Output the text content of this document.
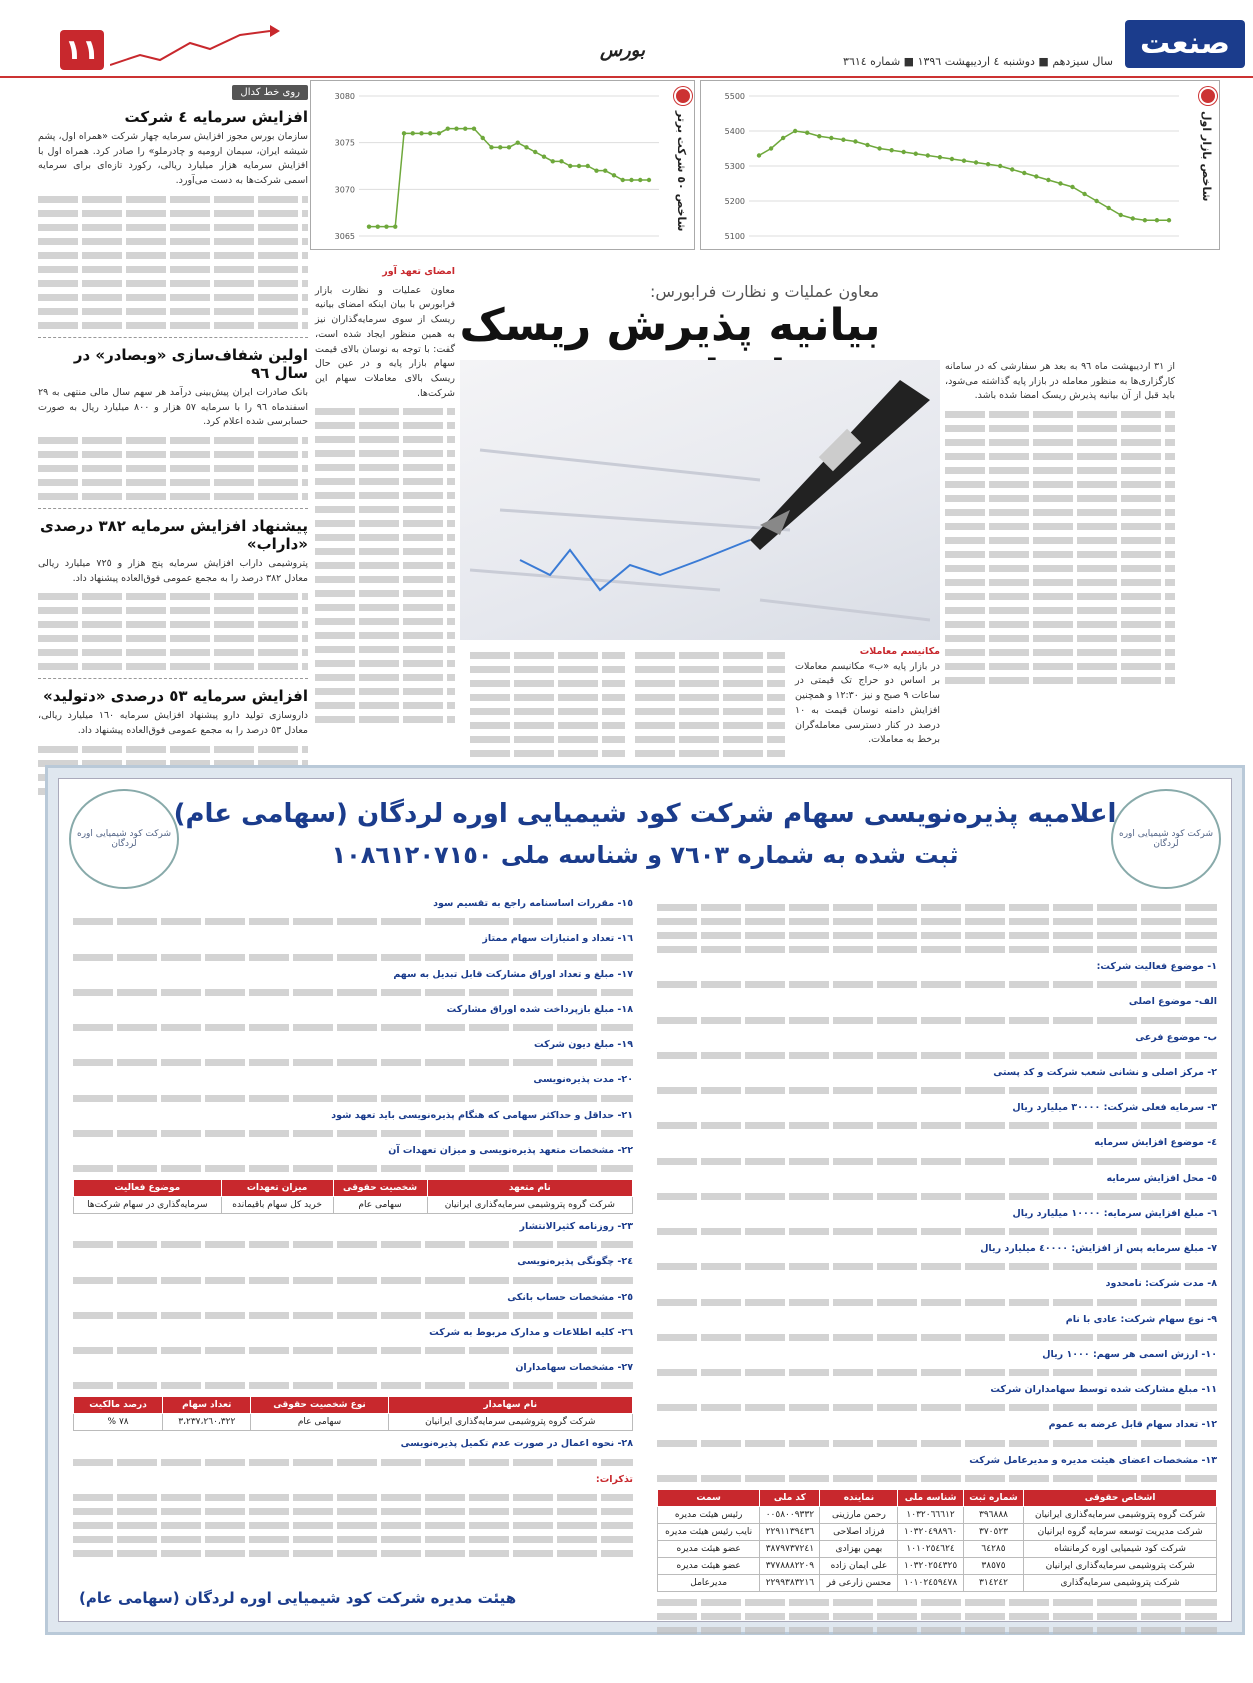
صنعت
سال سیزدهم ■ دوشنبه ٤ اردیبهشت ١٣٩٦ ■ شماره ٣٦١٤
بورس
١١
شاخص بازار اول
5500
5400
5300
5200
5100
شاخص ٥٠ شرکت برتر
3080
3075
3070
3065
روی خط کدال
افزایش سرمایه ٤ شرکت
سازمان بورس مجوز افزایش سرمایه چهار شرکت «همراه اول، پشم شیشه ایران، سیمان ارومیه و چادرملو» را صادر کرد. همراه اول با افزایش سرمایه هزار میلیارد ریالی، رکورد تازه‌ای برای سرمایه اسمی شرکت‌ها به دست می‌آورد.
اولین شفاف‌سازی «وبصادر» در سال ٩٦
بانک صادرات ایران پیش‌بینی درآمد هر سهم سال مالی منتهی به ٢٩ اسفندماه ٩٦ را با سرمایه ٥٧ هزار و ٨٠٠ میلیارد ریال به صورت حسابرسی شده اعلام کرد.
پیشنهاد افزایش سرمایه ٣٨٢ درصدی «داراب»
پتروشیمی داراب افزایش سرمایه پنج هزار و ٧٢٥ میلیارد ریالی معادل ٣٨٢ درصد را به مجمع عمومی فوق‌العاده پیشنهاد داد.
افزایش سرمایه ٥٣ درصدی «دتولید»
داروسازی تولید دارو پیشنهاد افزایش سرمایه ١٦٠ میلیارد ریالی، معادل ٥٣ درصد را به مجمع عمومی فوق‌العاده پیشنهاد داد.
معاون عملیات و نظارت فرابورس:
بیانیه پذیرش ریسک
از ٣١ اردیبهشت ماه ٩٦ به بعد هر سفارشی که در سامانه کارگزاری‌ها به منظور معامله در بازار پایه گذاشته می‌شود، باید قبل از آن بیانیه پذیرش ریسک امضا شده باشد.
امضای تعهد آور
معاون عملیات و نظارت بازار فرابورس با بیان اینکه امضای بیانیه ریسک از سوی سرمایه‌گذاران نیز به همین منظور ایجاد شده است، گفت: با توجه به نوسان بالای قیمت سهام بازار پایه و در عین حال ریسک بالای معاملات سهام این شرکت‌ها.
مکانیسم معاملات
در بازار پایه «ب» مکانیسم معاملات بر اساس دو حراج تک قیمتی در ساعات ٩ صبح و نیز ١٢:٣٠ و همچنین افزایش دامنه نوسان قیمت به ١٠ درصد در کنار دسترسی معامله‌گران برخط به معاملات.
شرکت کود شیمیایی اوره لردگان
شرکت کود شیمیایی اوره لردگان
اعلامیه پذیره‌نویسی سهام شرکت کود شیمیایی اوره لردگان (سهامی عام)
ثبت شده به شماره ٧٦٠٣ و شناسه ملی ١٠٨٦١٢٠٧١٥٠
١- موضوع فعالیت شرکت:
الف- موضوع اصلی
ب- موضوع فرعی
٢- مرکز اصلی و نشانی شعب شرکت و کد پستی
٣- سرمایه فعلی شرکت: ٣٠٠٠٠ میلیارد ریال
٤- موضوع افزایش سرمایه
٥- محل افزایش سرمایه
٦- مبلغ افزایش سرمایه: ١٠٠٠٠ میلیارد ریال
٧- مبلغ سرمایه پس از افزایش: ٤٠٠٠٠ میلیارد ریال
٨- مدت شرکت: نامحدود
٩- نوع سهام شرکت: عادی با نام
١٠- ارزش اسمی هر سهم: ١٠٠٠ ریال
١١- مبلغ مشارکت شده توسط سهامداران شرکت
١٢- تعداد سهام قابل عرضه به عموم
١٣- مشخصات اعضای هیئت مدیره و مدیرعامل شرکت
اشخاص حقوقی	شماره ثبت	شناسه ملی	نماینده	کد ملی	سمت
شرکت گروه پتروشیمی سرمایه‌گذاری ایرانیان	٣٩٦٨٨٨	١٠٣٢٠٦٦٦١٢	رحمن مارزینی	٠٠٥٨٠٠٩٣٣٢	رئیس هیئت مدیره
شرکت مدیریت توسعه سرمایه گروه ایرانیان	٣٧٠٥٢٣	١٠٣٢٠٤٩٨٩٦٠	فرزاد اصلاحی	٢٢٩١١٣٩٤٣٦	نایب رئیس هیئت مدیره
شرکت کود شیمیایی اوره کرمانشاه	٦٤٢٨٥	١٠١٠٢٥٤٦٢٤	بهمن بهزادی	٣٨٧٩٧٣٧٢٤١	عضو هیئت مدیره
شرکت پتروشیمی سرمایه‌گذاری ایرانیان	٣٨٥٧٥	١٠٣٢٠٢٥٤٣٢٥	علی ایمان زاده	٣٧٧٨٨٨٢٢٠٩	عضو هیئت مدیره
شرکت پتروشیمی سرمایه‌گذاری	٣١٤٢٤٢	١٠١٠٢٤٥٩٤٧٨	محسن زارعی فر	٢٢٩٩٣٨٣٢١٦	مدیرعامل
١٥- مقررات اساسنامه راجع به تقسیم سود
١٦- تعداد و امتیازات سهام ممتاز
١٧- مبلغ و تعداد اوراق مشارکت قابل تبدیل به سهم
١٨- مبلغ بازپرداخت شده اوراق مشارکت
١٩- مبلغ دیون شرکت
٢٠- مدت پذیره‌نویسی
٢١- حداقل و حداکثر سهامی که هنگام پذیره‌نویسی باید تعهد شود
٢٢- مشخصات متعهد پذیره‌نویسی و میزان تعهدات آن
نام متعهد	شخصیت حقوقی	میزان تعهدات	موضوع فعالیت
شرکت گروه پتروشیمی سرمایه‌گذاری ایرانیان	سهامی عام	خرید کل سهام باقیمانده	سرمایه‌گذاری در سهام شرکت‌ها
٢٣- روزنامه کثیرالانتشار
٢٤- چگونگی پذیره‌نویسی
٢٥- مشخصات حساب بانکی
٢٦- کلیه اطلاعات و مدارک مربوط به شرکت
٢٧- مشخصات سهامداران
نام سهامدار	نوع شخصیت حقوقی	تعداد سهام	درصد مالکیت
شرکت گروه پتروشیمی سرمایه‌گذاری ایرانیان	سهامی عام	٣،٢٣٧،٢٦٠،٣٢٢	٧٨ %
٢٨- نحوه اعمال در صورت عدم تکمیل پذیره‌نویسی
تذکرات:
هیئت مدیره شرکت کود شیمیایی اوره لردگان (سهامی عام)
